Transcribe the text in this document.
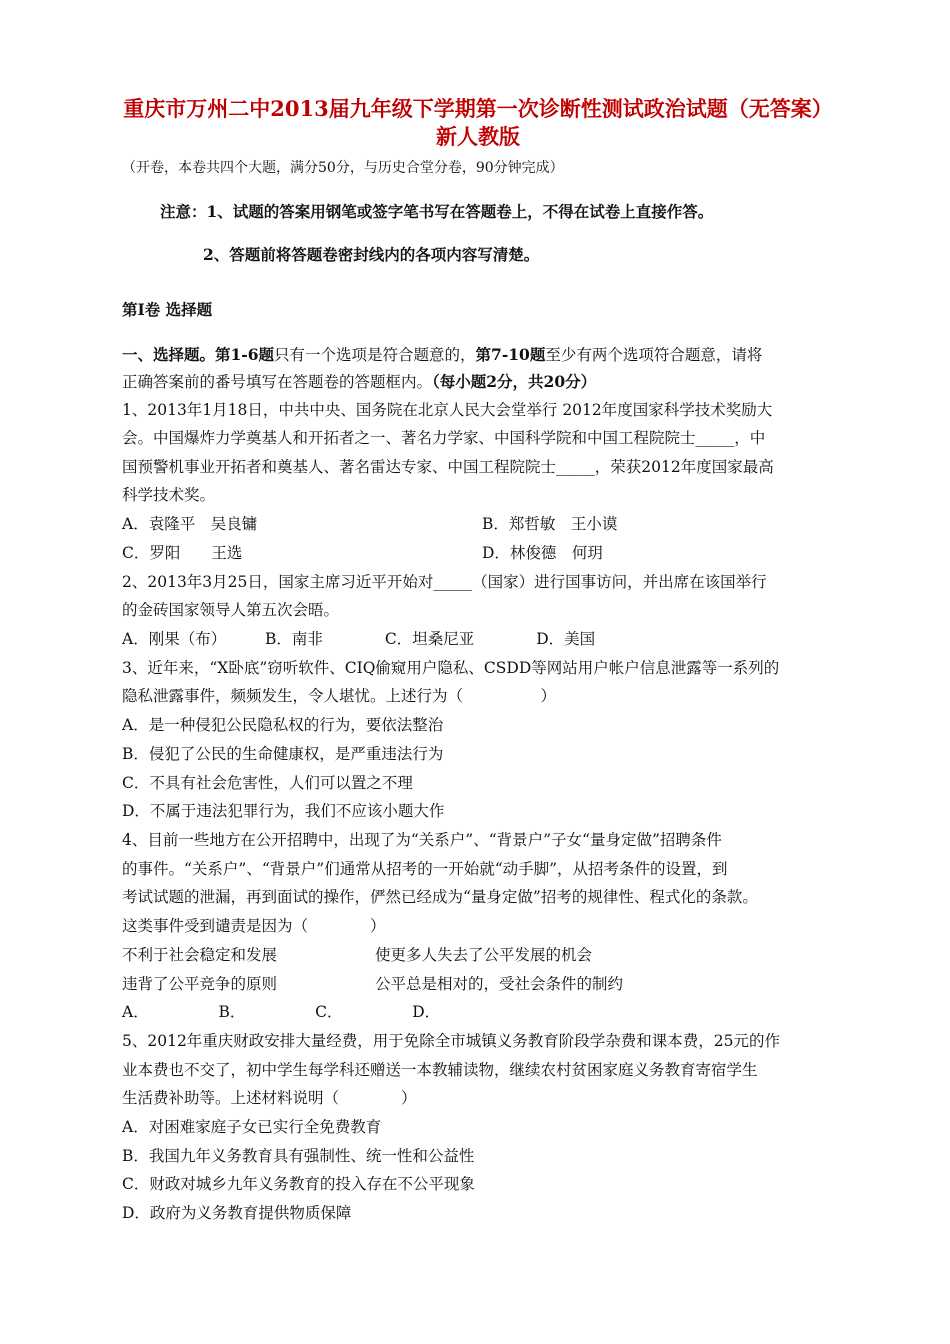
重庆市万州二中2013届九年级下学期第一次诊断性测试政治试题（无答案） 新人教版
（开卷，本卷共四个大题，满分50分，与历史合堂分卷，90分钟完成）
注意：1、试题的答案用钢笔或签字笔书写在答题卷上，不得在试卷上直接作答。
2、答题前将答题卷密封线内的各项内容写清楚。
第Ⅰ卷 选择题
一、选择题。第1-6题只有一个选项是符合题意的，第7-10题至少有两个选项符合题意，请将
正确答案前的番号填写在答题卷的答题框内。（每小题2分，共20分）
1、2013年1月18日，中共中央、国务院在北京人民大会堂举行 2012年度国家科学技术奖励大
会。中国爆炸力学奠基人和开拓者之一、著名力学家、中国科学院和中国工程院院士_____，中
国预警机事业开拓者和奠基人、著名雷达专家、中国工程院院士_____，荣获2012年度国家最高
科学技术奖。
A．袁隆平　吴良镛	B．郑哲敏　王小谟
C．罗阳　　王选	D．林俊德　何玥
2、2013年3月25日，国家主席习近平开始对_____（国家）进行国事访问，并出席在该国举行
的金砖国家领导人第五次会晤。
A．刚果（布）　　　B．南非　　　　C．坦桑尼亚　　　　D．美国
3、近年来，“X卧底”窃听软件、CIQ偷窥用户隐私、CSDD等网站用户帐户信息泄露等一系列的
隐私泄露事件，频频发生，令人堪忧。上述行为（　　　　　）
A．是一种侵犯公民隐私权的行为，要依法整治
B．侵犯了公民的生命健康权，是严重违法行为
C．不具有社会危害性，人们可以置之不理
D．不属于违法犯罪行为，我们不应该小题大作
4、目前一些地方在公开招聘中，出现了为“关系户”、“背景户”子女“量身定做”招聘条件
的事件。“关系户”、“背景户”们通常从招考的一开始就“动手脚”，从招考条件的设置，到
考试试题的泄漏，再到面试的操作，俨然已经成为“量身定做”招考的规律性、程式化的条款。
这类事件受到谴责是因为（　　　　）
不利于社会稳定和发展	使更多人失去了公平发展的机会
违背了公平竞争的原则	公平总是相对的，受社会条件的制约
A．　　　　　B．　　　　　C．　　　　　D．
5、2012年重庆财政安排大量经费，用于免除全市城镇义务教育阶段学杂费和课本费，25元的作
业本费也不交了，初中学生每学科还赠送一本教辅读物，继续农村贫困家庭义务教育寄宿学生
生活费补助等。上述材料说明（　　　　）
A．对困难家庭子女已实行全免费教育
B．我国九年义务教育具有强制性、统一性和公益性
C．财政对城乡九年义务教育的投入存在不公平现象
D．政府为义务教育提供物质保障
